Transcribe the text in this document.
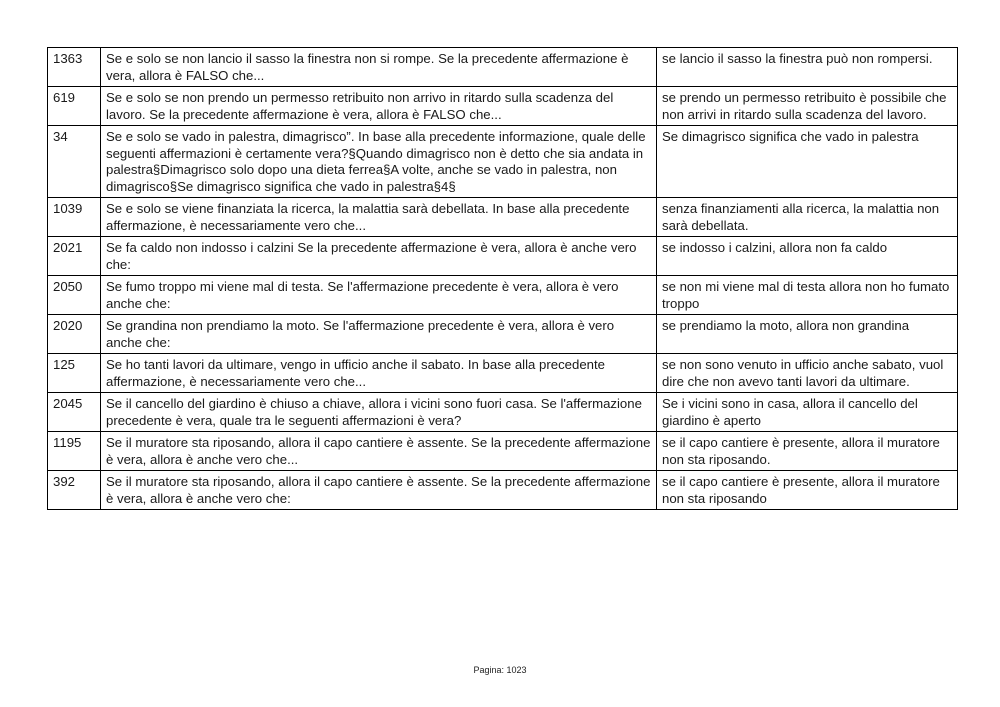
1363	Se e solo se non lancio il sasso la finestra non si rompe. Se la precedente affermazione è vera, allora è FALSO che...	se lancio il sasso la finestra può non rompersi.
619	Se e solo se non prendo un permesso retribuito non arrivo in ritardo sulla scadenza del lavoro. Se la precedente affermazione è vera, allora è FALSO che...	se prendo un permesso retribuito è possibile che non arrivi in ritardo sulla scadenza del lavoro.
34	Se e solo se vado in palestra, dimagrisco”. In base alla precedente informazione, quale delle seguenti affermazioni è certamente vera?§Quando dimagrisco non è detto che sia andata in palestra§Dimagrisco solo dopo una dieta ferrea§A volte, anche se vado in palestra, non dimagrisco§Se dimagrisco significa che vado in palestra§4§	Se dimagrisco significa che vado in palestra
1039	Se e solo se viene finanziata la ricerca, la malattia sarà debellata. In base alla precedente affermazione, è necessariamente vero che...	senza finanziamenti alla ricerca, la malattia non sarà debellata.
2021	Se fa caldo non indosso i calzini Se la precedente affermazione è vera, allora è anche vero che:	se indosso i calzini, allora non fa caldo
2050	Se fumo troppo mi viene mal di testa. Se l'affermazione precedente è vera, allora è vero anche che:	se non mi viene mal di testa allora non ho fumato troppo
2020	Se grandina non prendiamo la moto. Se l'affermazione precedente è vera, allora è vero anche che:	se prendiamo la moto, allora non grandina
125	Se ho tanti lavori da ultimare, vengo in ufficio anche il sabato. In base alla precedente affermazione, è necessariamente vero che...	se non sono venuto in ufficio anche sabato, vuol dire che non avevo tanti lavori da ultimare.
2045	Se il cancello del giardino è chiuso a chiave, allora i vicini sono fuori casa. Se l'affermazione precedente è vera, quale tra le seguenti affermazioni è vera?	Se i vicini sono in casa, allora il cancello del giardino è aperto
1195	Se il muratore sta riposando, allora il capo cantiere è assente. Se la precedente affermazione è vera, allora è anche vero che...	se il capo cantiere è presente, allora il muratore non sta riposando.
392	Se il muratore sta riposando, allora il capo cantiere è assente. Se la precedente affermazione è vera, allora è anche vero che:	se il capo cantiere è presente, allora il muratore non sta riposando
Pagina: 1023
